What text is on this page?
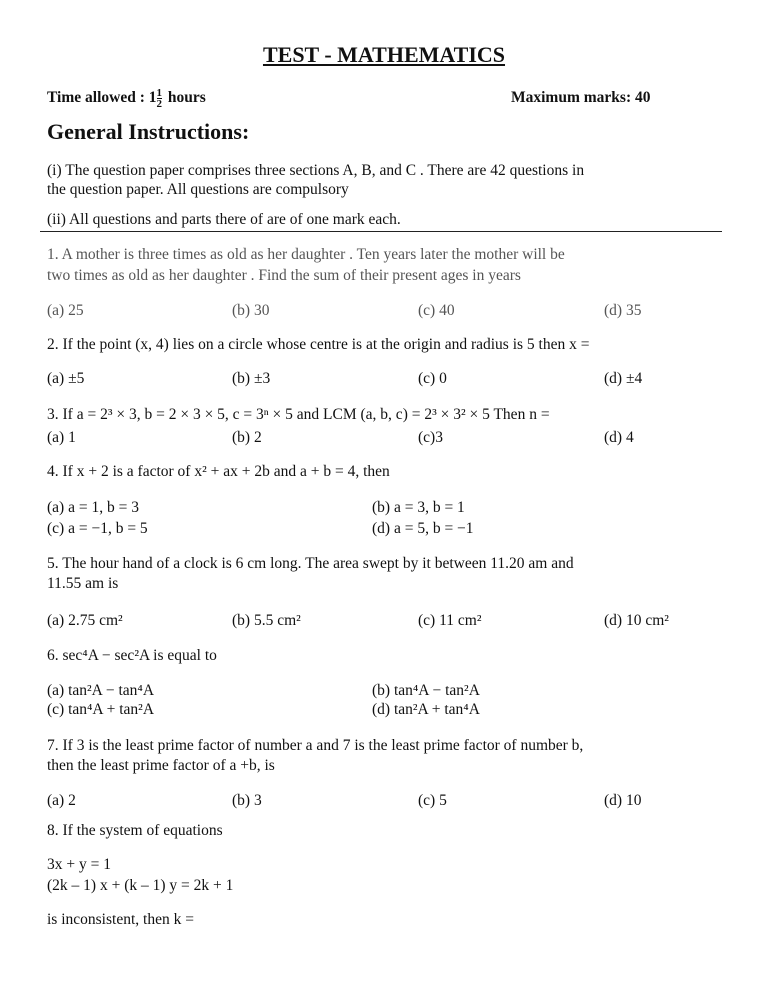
TEST - MATHEMATICS
Time allowed : $1 \frac{1}{2}$ hours	Maximum marks: 40
General Instructions:
(i) The question paper comprises three sections A, B, and C . There are 42 questions in
the question paper. All questions are compulsory
(ii) All questions and parts there of are of one mark each.
1. A mother is three times as old as her daughter . Ten years later the mother will be
two times as old as her daughter . Find the sum of their present ages in years
(a) 25	(b) 30	(c) 40	(d) 35
2. If the point (x, 4) lies on a circle whose centre is at the origin and radius is 5 then x =
(a) ±5	(b) ±3	(c) 0	(d) ±4
3. If a = 2³ × 3, b = 2 × 3 × 5, c = 3ⁿ × 5 and LCM (a, b, c) = 2³ × 3² × 5 Then n =
(a) 1	(b) 2	(c)3	(d) 4
4. If x + 2 is a factor of x² + ax + 2b and a + b = 4, then
(a) a = 1, b = 3	(b) a = 3, b = 1
(c) a = −1, b = 5	(d) a = 5, b = −1
5. The hour hand of a clock is 6 cm long. The area swept by it between 11.20 am and
11.55 am is
(a) 2.75 cm²	(b) 5.5 cm²	(c) 11 cm²	(d) 10 cm²
6. sec⁴A − sec²A is equal to
(a) tan²A − tan⁴A	(b) tan⁴A − tan²A
(c) tan⁴A + tan²A	(d) tan²A + tan⁴A
7. If 3 is the least prime factor of number a and 7 is the least prime factor of number b,
then the least prime factor of a +b, is
(a) 2	(b) 3	(c) 5	(d) 10
8. If the system of equations
3x + y = 1
(2k – 1) x + (k – 1) y = 2k + 1
is inconsistent, then k =
